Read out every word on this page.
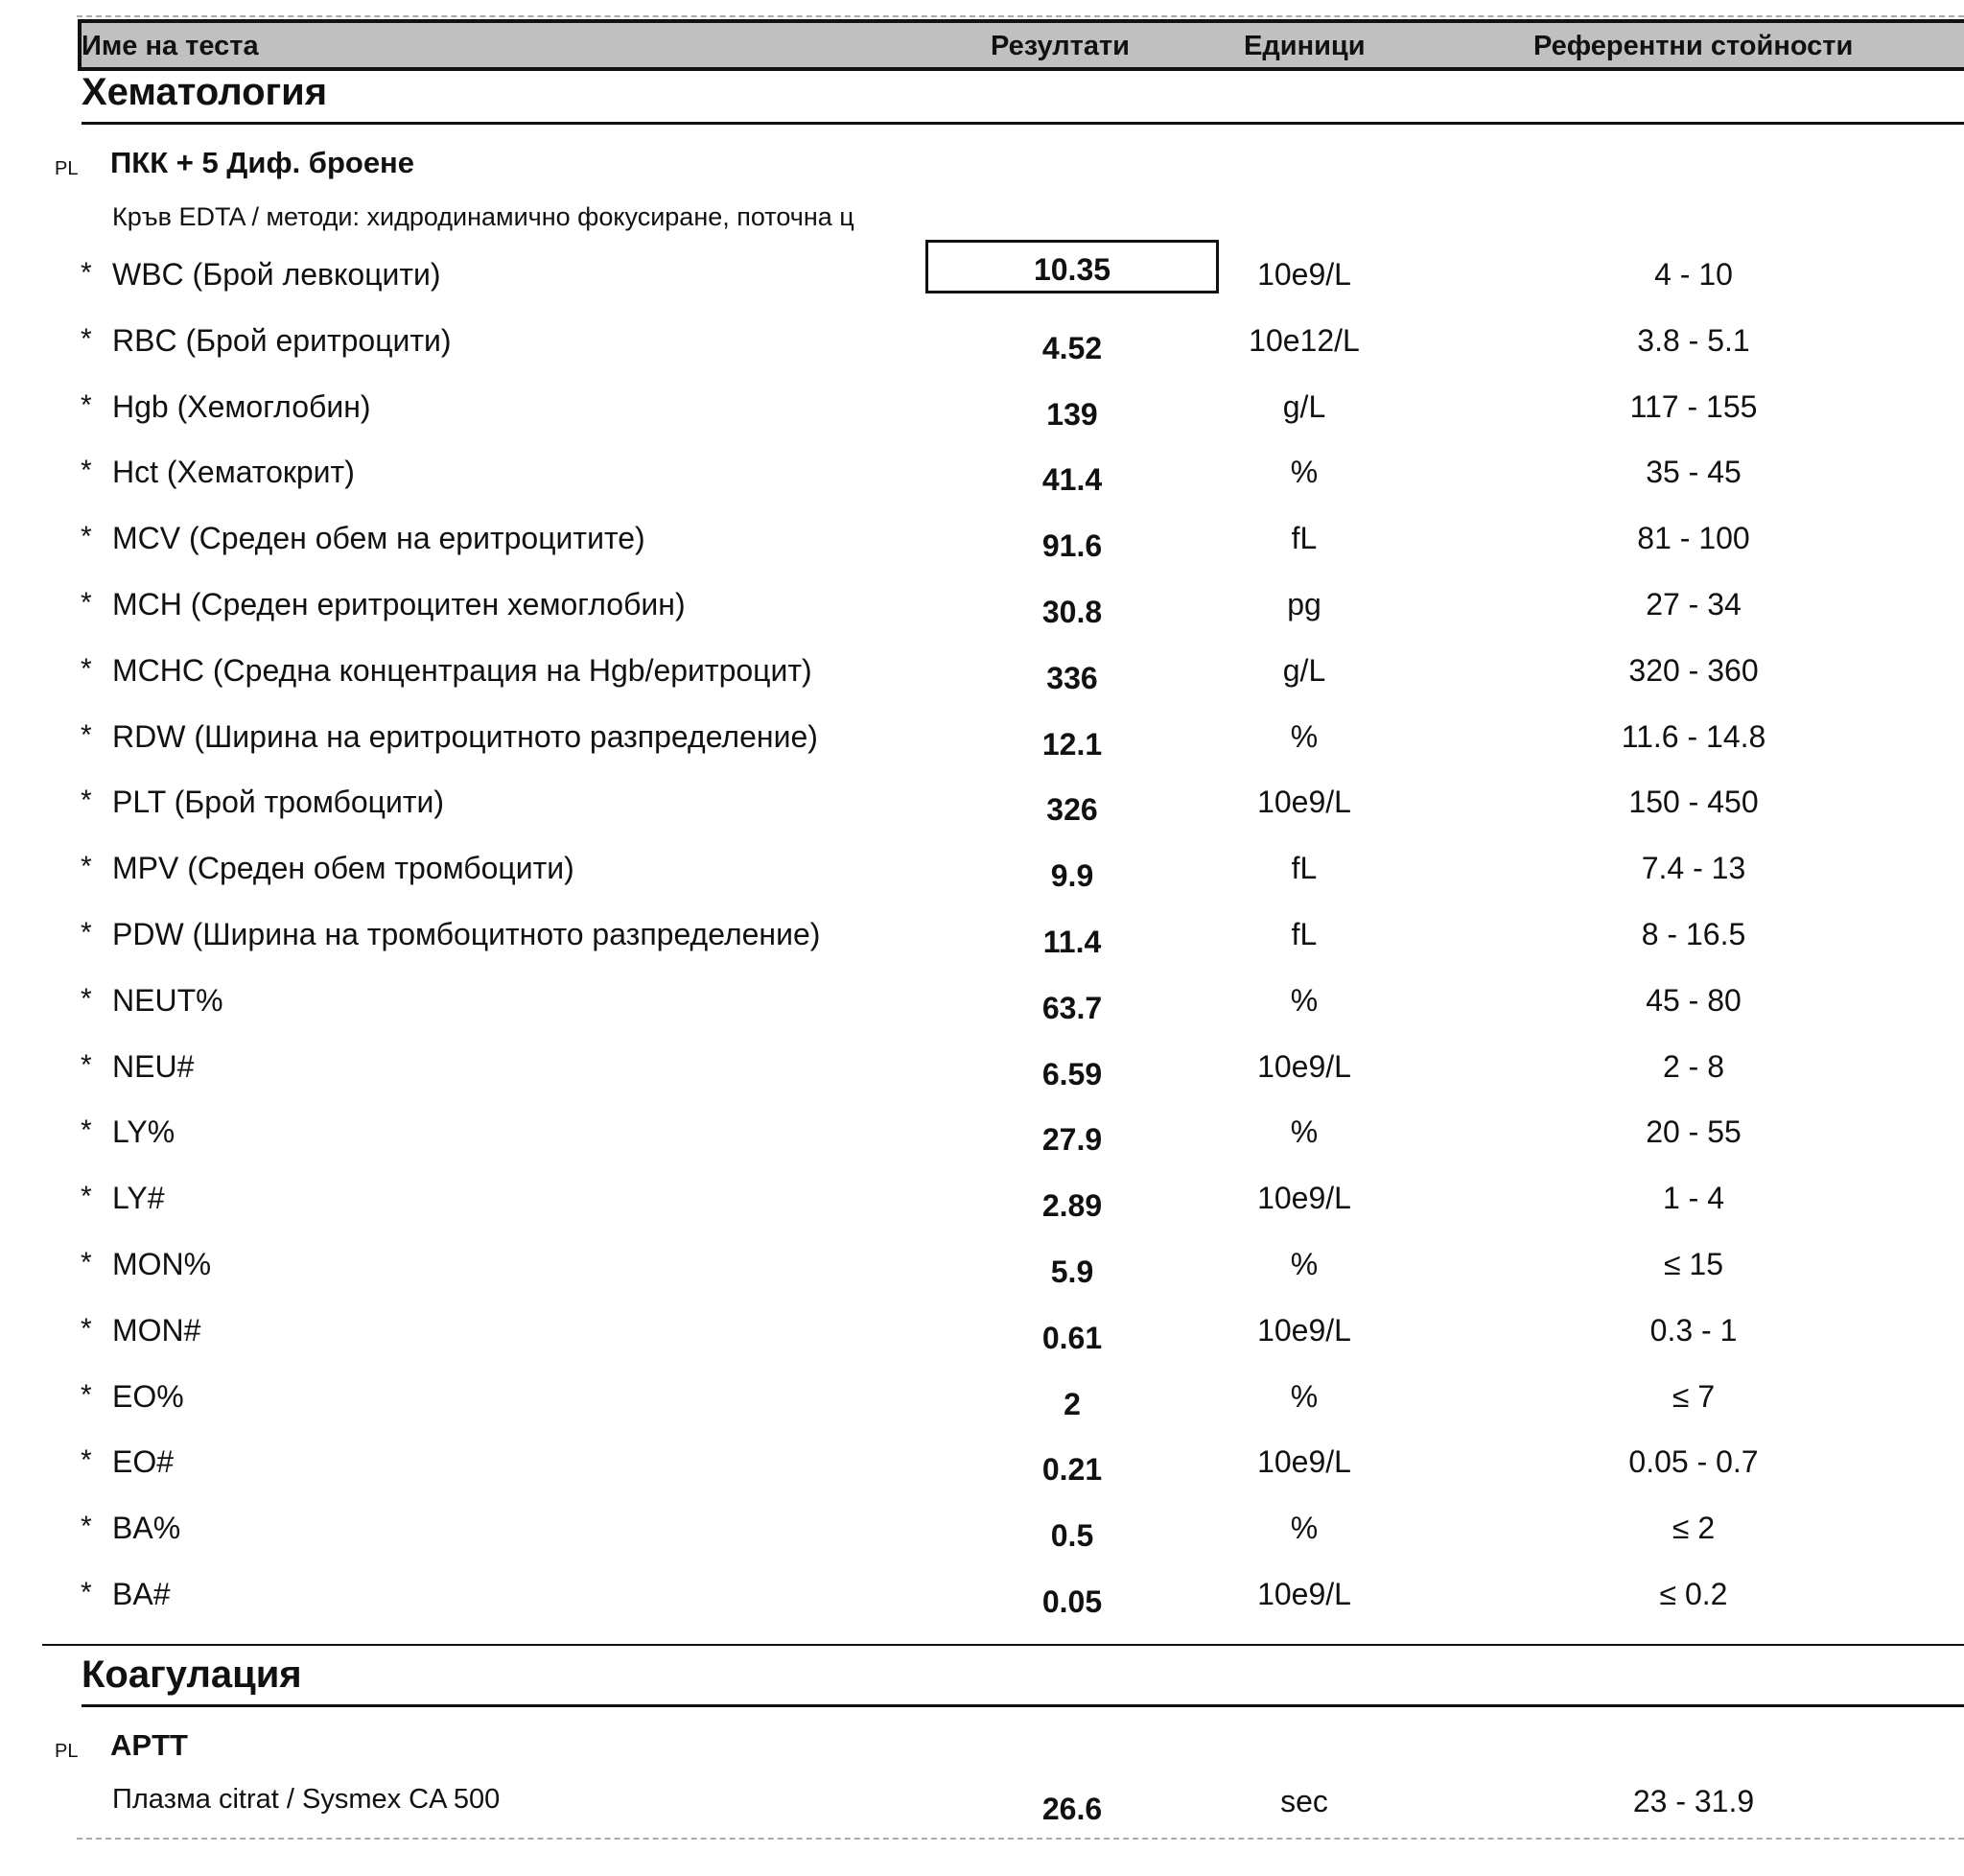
Име на теста	Резултати	Единици	Референтни стойности
Хематология
PL ПКК + 5 Диф. броене
Кръв EDTA / методи: хидродинамично фокусиране, поточна ц
* WBC (Брой левкоцити)	10.35	10e9/L	4 - 10
* RBC (Брой еритроцити)	4.52	10e12/L	3.8 - 5.1
* Hgb (Хемоглобин)	139	g/L	117 - 155
* Hct (Хематокрит)	41.4	%	35 - 45
* MCV (Среден обем на еритроцитите)	91.6	fL	81 - 100
* MCH (Среден еритроцитен хемоглобин)	30.8	pg	27 - 34
* MCHC (Средна концентрация на Hgb/еритроцит)	336	g/L	320 - 360
* RDW (Ширина на еритроцитното разпределение)	12.1	%	11.6 - 14.8
* PLT (Брой тромбоцити)	326	10e9/L	150 - 450
* MPV (Среден обем тромбоцити)	9.9	fL	7.4 - 13
* PDW (Ширина на тромбоцитното разпределение)	11.4	fL	8 - 16.5
* NEUT%	63.7	%	45 - 80
* NEU#	6.59	10e9/L	2 - 8
* LY%	27.9	%	20 - 55
* LY#	2.89	10e9/L	1 - 4
* MON%	5.9	%	≤ 15
* MON#	0.61	10e9/L	0.3 - 1
* EO%	2	%	≤ 7
* EO#	0.21	10e9/L	0.05 - 0.7
* BA%	0.5	%	≤ 2
* BA#	0.05	10e9/L	≤ 0.2
Коагулация
PL APTT
Плазма citrat / Sysmex CA 500	26.6	sec	23 - 31.9
